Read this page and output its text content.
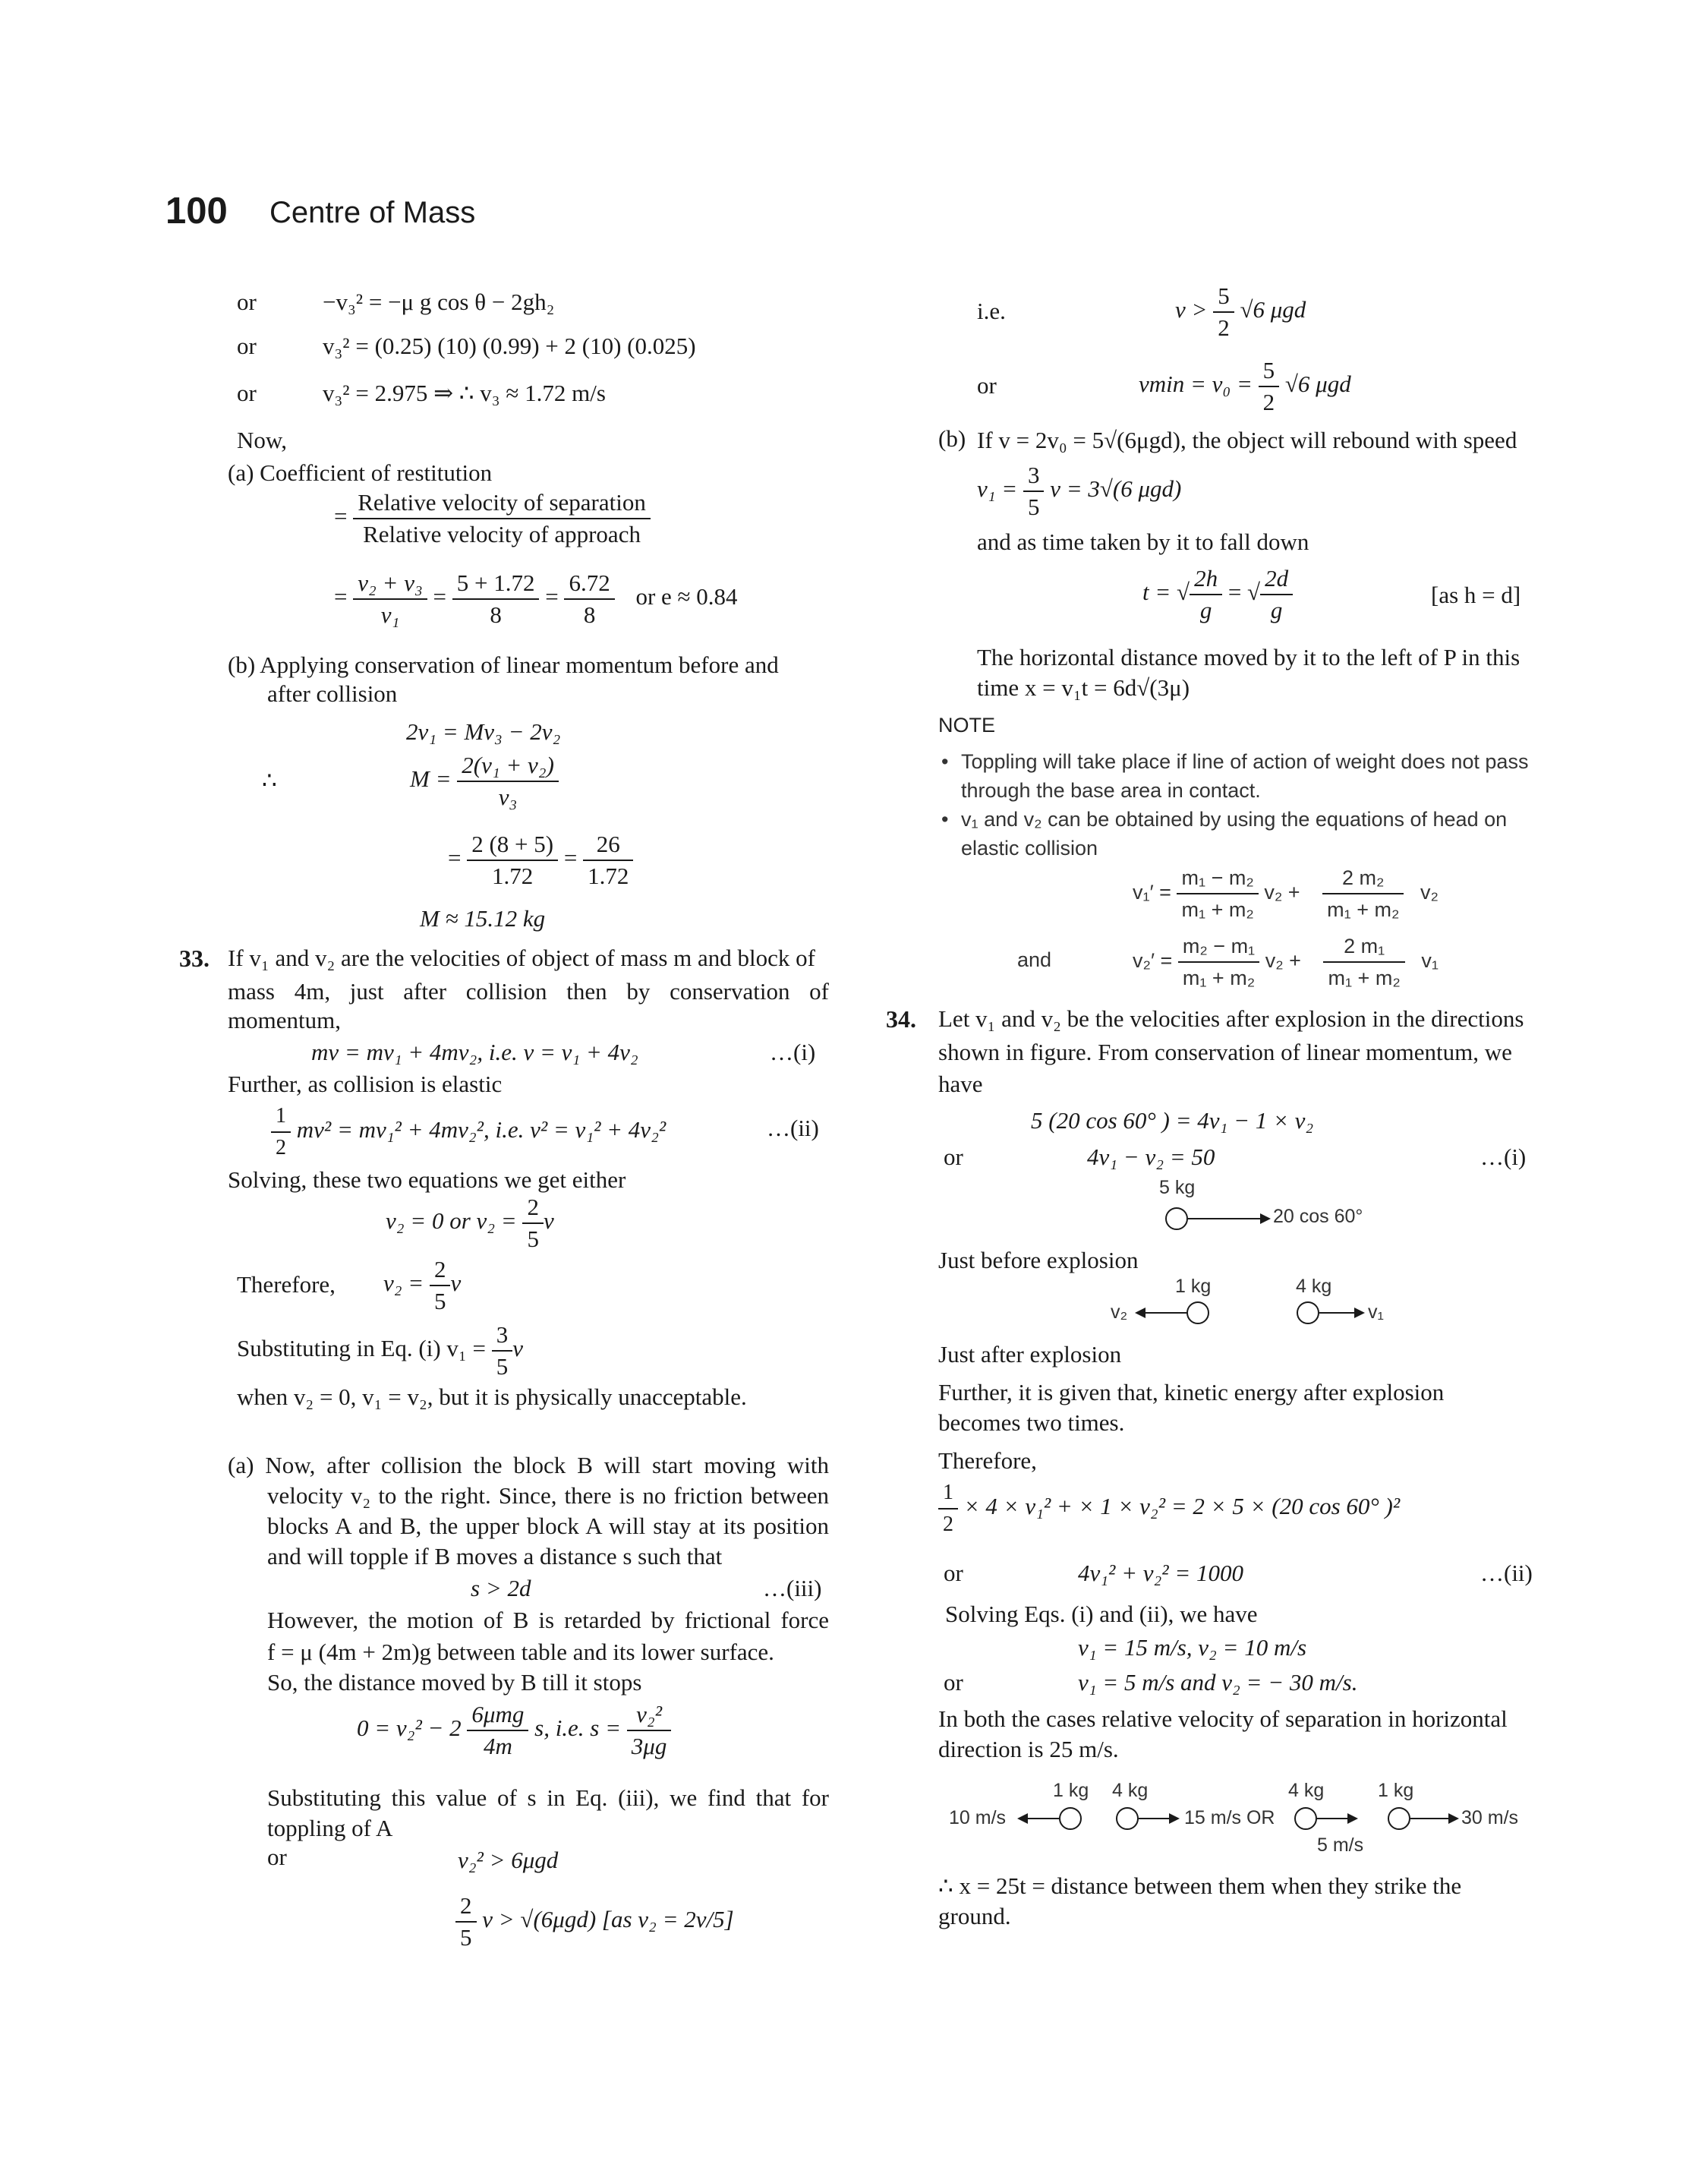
100 Centre of Mass
or	−v₃² = −μ g cos θ − 2gh₂
or	v₃² = (0.25) (10) (0.99) + 2 (10) (0.025)
or	v₃² = 2.975 ⇒ ∴ v₃ ≈ 1.72 m/s
Now,
(a) Coefficient of restitution
= $\frac{\text{Relative velocity of separation}}{\text{Relative velocity of approach}}$
= $\frac{\text{v₂ + v₃}}{\text{v₁}} = \frac{5 + 1.72}{8} = \frac{6.72}{8}$ or e ≈ 0.84
(b) Applying conservation of linear momentum before and
after collision
2v₁ = Mv₃ − 2v₂
∴	$M = \frac{\text{2(v₁ + v₂)}}{\text{v₃}}$
= $\frac{2 (8 + 5)}{1.72} = \frac{26}{1.72}$
M ≈ 15.12 kg
33. If v₁ and v₂ are the velocities of object of mass m and block of
mass 4m, just after collision then by conservation of
momentum,
mv = mv₁ + 4mv₂, i.e. v = v₁ + 4v₂	…(i)
Further, as collision is elastic
$\frac{1}{2} mv^2 = mv_1^2 + 4mv_2^2$, i.e. v² = v₁² + 4v₂²	…(ii)
Solving, these two equations we get either
v₂ = 0 or $v_2 = \frac{2}{5}$ v
Therefore, $v_2 = \frac{2}{5}$ v
Substituting in Eq. (i) $v_1 = \frac{3}{5}$ v
when v₂ = 0, v₁ = v₂, but it is physically unacceptable.
(a) Now, after collision the block B will start moving with
velocity v₂ to the right. Since, there is no friction between
blocks A and B, the upper block A will stay at its position
and will topple if B moves a distance s such that
s > 2d	…(iii)
However, the motion of B is retarded by frictional force
f = μ (4m + 2m)g between table and its lower surface.
So, the distance moved by B till it stops
$0 = v_2^2 - 2 \frac{\text{6μmg}}{4m} s$, i.e. $s = \frac{\text{v₂²}}{3\mu g}$
Substituting this value of s in Eq. (iii), we find that for
toppling of A
or	v₂² > 6μgd
$\frac{2}{5}$ v > √(6μgd) [as v₂ = 2v/5]
i.e.	$v > \frac{5}{2} √6$ μgd
or	$vmin = v_0 = \frac{5}{2} √6$ μgd
(b) If v = 2v₀ = 5√(6μgd), the object will rebound with speed
$v_1 = \frac{3}{5}$ v = 3√(6 μgd)
and as time taken by it to fall down
t = √ $\frac{2h}{g}$ = √ $\frac{2d}{g}$	[as h = d]
The horizontal distance moved by it to the left of P in this
time x = v₁t = 6d√(3μ)
NOTE
• Toppling will take place if line of action of weight does not pass
through the base area in contact.
• v₁ and v₂ can be obtained by using the equations of head on
elastic collision
$v_1' = \frac{\text{m₁ − m₂}}{\text{m₁ + m₂}} v_2 + \frac{\text{2 m₂}}{\text{m₁ + m₂}} v_2$
and	$v_2' = \frac{\text{m₂ − m₁}}{\text{m₁ + m₂}} v_2 + \frac{\text{2 m₁}}{\text{m₁ + m₂}} v_1$
34. Let v₁ and v₂ be the velocities after explosion in the directions
shown in figure. From conservation of linear momentum, we
have
5 (20 cos 60° ) = 4v₁ − 1 × v₂
or	4v₁ − v₂ = 50	…(i)
5 kg
20 cos 60°
Just before explosion
1 kg	4 kg
v₂	v₁
Just after explosion
Further, it is given that, kinetic energy after explosion
becomes two times.
Therefore,
$\frac{1}{2} \times 4 \times v_1^2$ + × 1 × v₂² = 2 × 5 × (20 cos 60° )²
or	4v₁² + v₂² = 1000	…(ii)
Solving Eqs. (i) and (ii), we have
v₁ = 15 m/s, v₂ = 10 m/s
or	v₁ = 5 m/s and v₂ = − 30 m/s.
In both the cases relative velocity of separation in horizontal
direction is 25 m/s.
1 kg 4 kg	4 kg	1 kg
10 m/s	15 m/s OR
5 m/s
30 m/s
∴ x = 25t = distance between them when they strike the
ground.
